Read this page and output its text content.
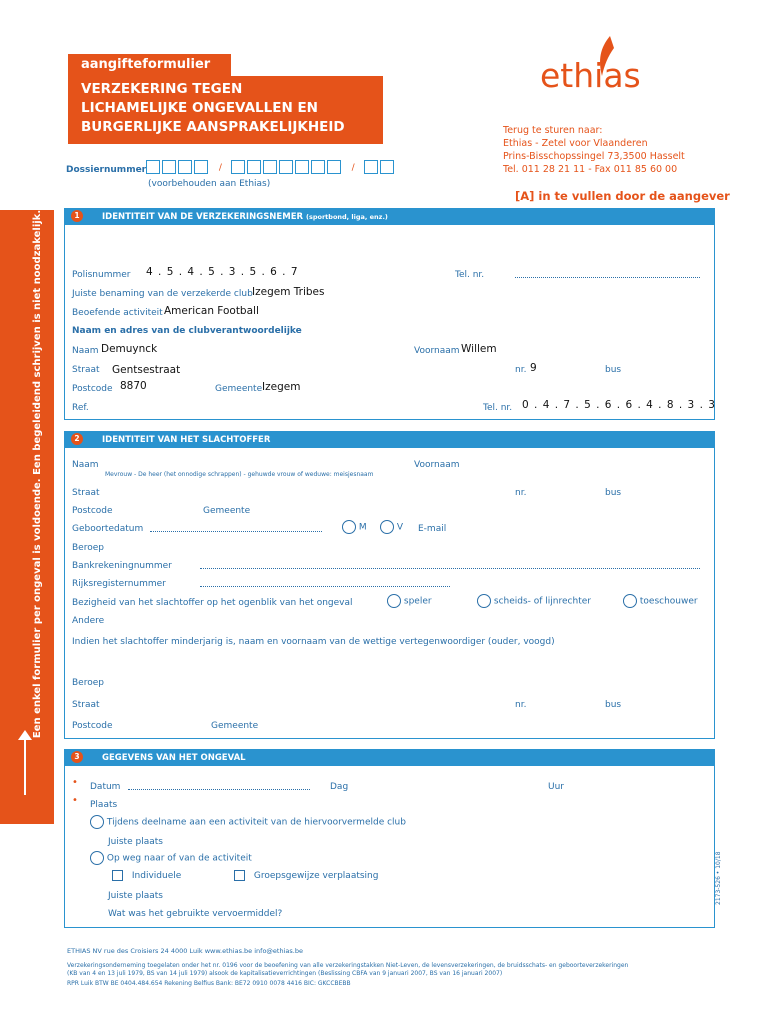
Een enkel formulier per ongeval is voldoende. Een begeleidend schrijven is niet noodzakelijk.
aangifteformulier
VERZEKERING TEGEN
LICHAMELIJKE ONGEVALLEN EN
BURGERLIJKE AANSPRAKELIJKHEID
ethias
Terug te sturen naar:
Ethias - Zetel voor Vlaanderen
Prins-Bisschopssingel 73,3500 Hasselt
Tel. 011 28 21 11 - Fax 011 85 60 00
Dossiernummer	/	/
(voorbehouden aan Ethias)
[A] in te vullen door de aangever
1	IDENTITEIT VAN DE VERZEKERINGSNEMER (sportbond, liga, enz.)
Polisnummer 4 . 5 . 4 . 5 . 3 . 5 . 6 . 7	Tel. nr.
Juiste benaming van de verzekerde club Izegem Tribes
Beoefende activiteit American Football
Naam en adres van de clubverantwoordelijke
Naam Demuynck	Voornaam Willem
Straat Gentsestraat	nr. 9	bus
Postcode 8870	Gemeente Izegem
Ref.	Tel. nr. 0 . 4 . 7 . 5 . 6 . 6 . 4 . 8 . 3 . 3
2	IDENTITEIT VAN HET SLACHTOFFER
Naam	Voornaam
Mevrouw - De heer (het onnodige schrappen) - gehuwde vrouw of weduwe: meisjesnaam
Straat	nr.	bus
Postcode	Gemeente
Geboortedatum	M	V E-mail
Beroep
Bankrekeningnummer
Rijksregisternummer
Bezigheid van het slachtoffer op het ogenblik van het ongeval	speler	scheids- of lijnrechter	toeschouwer
Andere
Indien het slachtoffer minderjarig is, naam en voornaam van de wettige vertegenwoordiger (ouder, voogd)
Beroep
Straat	nr.	bus
Postcode	Gemeente
3	GEGEVENS VAN HET ONGEVAL
• Datum	Dag	Uur
• Plaats
Tijdens deelname aan een activiteit van de hiervoorvermelde club
Juiste plaats
Op weg naar of van de activiteit
Individuele	Groepsgewijze verplaatsing
Juiste plaats
Wat was het gebruikte vervoermiddel?
2173-526 • 10/18
ETHIAS NV rue des Croisiers 24 4000 Luik www.ethias.be info@ethias.be
Verzekeringsonderneming toegelaten onder het nr. 0196 voor de beoefening van alle verzekeringstakken Niet-Leven, de levensverzekeringen, de bruidsschats- en geboorteverzekeringen
(KB van 4 en 13 juli 1979, BS van 14 juli 1979) alsook de kapitalisatieverrichtingen (Beslissing CBFA van 9 januari 2007, BS van 16 januari 2007)
RPR Luik BTW BE 0404.484.654 Rekening Belfius Bank: BE72 0910 0078 4416 BIC: GKCCBEBB
